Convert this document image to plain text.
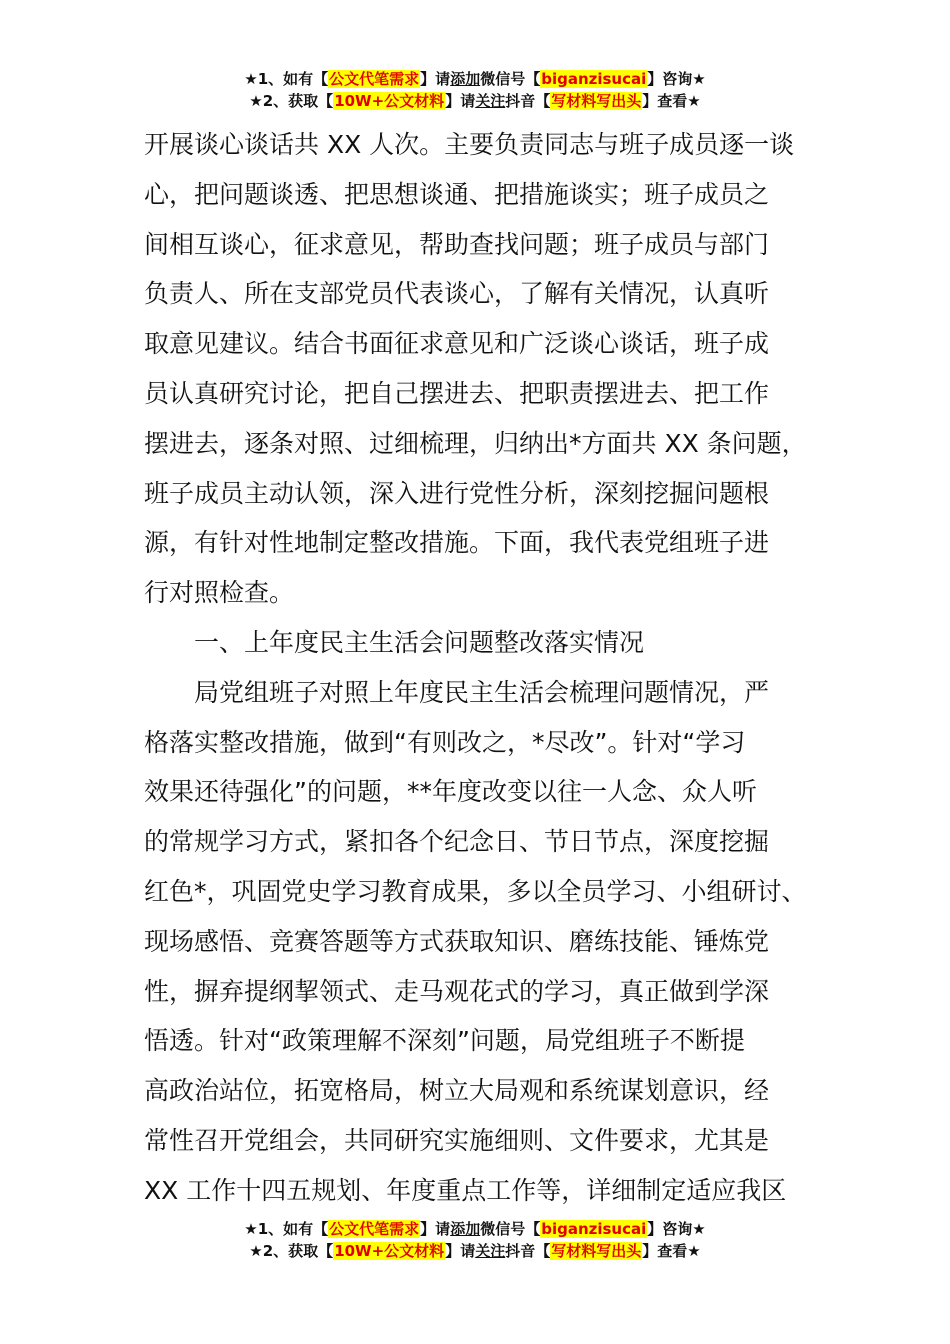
★1、如有【公文代笔需求】请添加微信号【biganzisucai】咨询★
★2、获取【10W+公文材料】请关注抖音【写材料写出头】查看★
开展谈心谈话共 XX 人次。主要负责同志与班子成员逐一谈
心，把问题谈透、把思想谈通、把措施谈实；班子成员之
间相互谈心，征求意见，帮助查找问题；班子成员与部门
负责人、所在支部党员代表谈心，了解有关情况，认真听
取意见建议。结合书面征求意见和广泛谈心谈话，班子成
员认真研究讨论，把自己摆进去、把职责摆进去、把工作
摆进去，逐条对照、过细梳理，归纳出*方面共 XX 条问题，
班子成员主动认领，深入进行党性分析，深刻挖掘问题根
源，有针对性地制定整改措施。下面，我代表党组班子进
行对照检查。
一、上年度民主生活会问题整改落实情况
局党组班子对照上年度民主生活会梳理问题情况，严
格落实整改措施，做到“有则改之，*尽改”。针对“学习
效果还待强化”的问题，**年度改变以往一人念、众人听
的常规学习方式，紧扣各个纪念日、节日节点，深度挖掘
红色*，巩固党史学习教育成果，多以全员学习、小组研讨、
现场感悟、竞赛答题等方式获取知识、磨练技能、锤炼党
性，摒弃提纲挈领式、走马观花式的学习，真正做到学深
悟透。针对“政策理解不深刻”问题，局党组班子不断提
高政治站位，拓宽格局，树立大局观和系统谋划意识，经
常性召开党组会，共同研究实施细则、文件要求，尤其是
XX 工作十四五规划、年度重点工作等，详细制定适应我区
★1、如有【公文代笔需求】请添加微信号【biganzisucai】咨询★
★2、获取【10W+公文材料】请关注抖音【写材料写出头】查看★
